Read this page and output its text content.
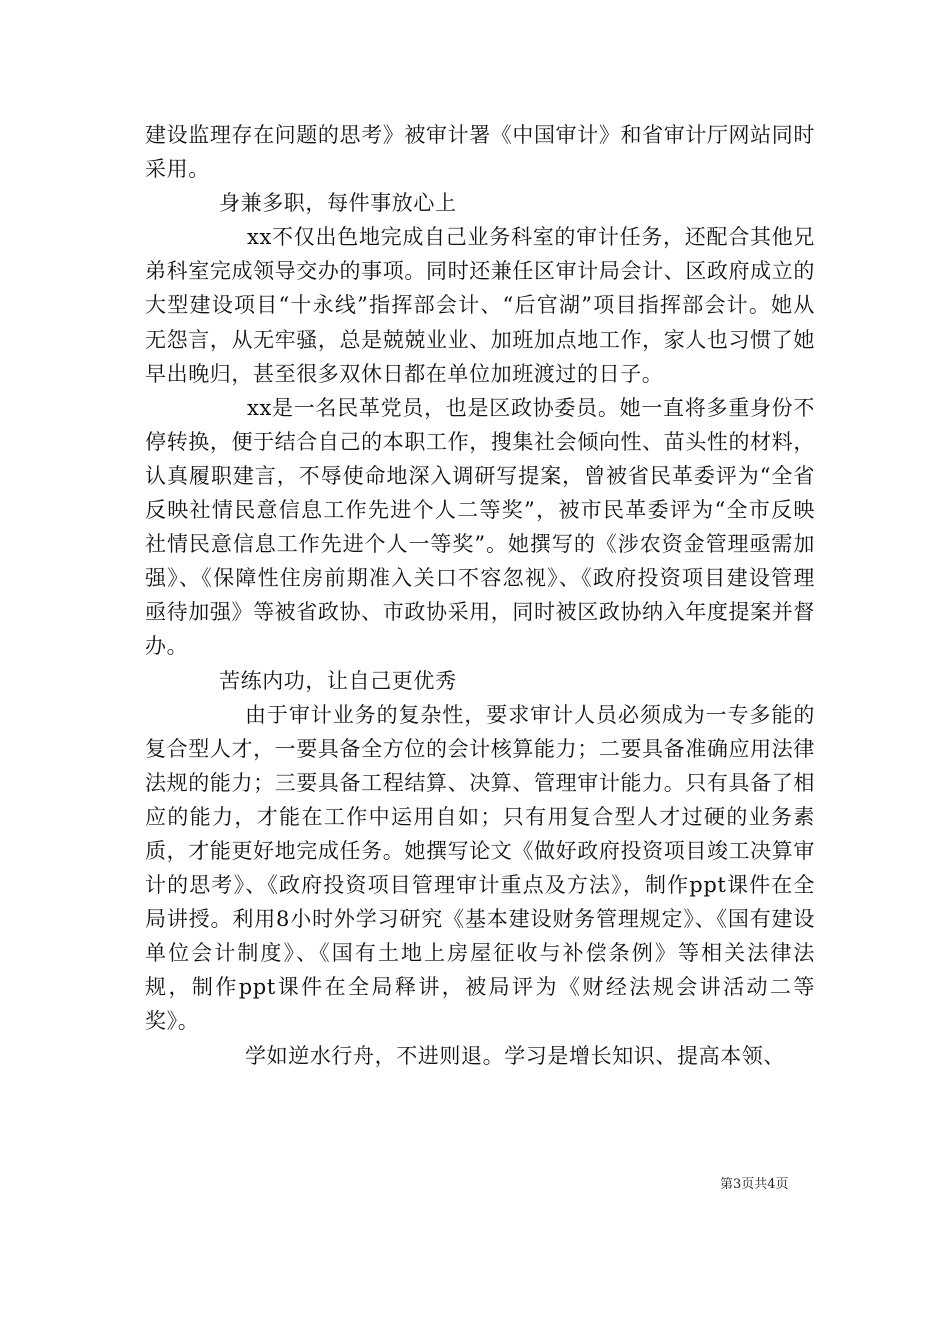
建设监理存在问题的思考》被审计署《中国审计》和省审计厅网站同时采用。

身兼多职，每件事放心上

xx不仅出色地完成自己业务科室的审计任务，还配合其他兄弟科室完成领导交办的事项。同时还兼任区审计局会计、区政府成立的大型建设项目“十永线”指挥部会计、“后官湖”项目指挥部会计。她从无怨言，从无牢骚，总是兢兢业业、加班加点地工作，家人也习惯了她早出晚归，甚至很多双休日都在单位加班渡过的日子。

xx是一名民革党员，也是区政协委员。她一直将多重身份不停转换，便于结合自己的本职工作，搜集社会倾向性、苗头性的材料，认真履职建言，不辱使命地深入调研写提案，曾被省民革委评为“全省反映社情民意信息工作先进个人二等奖”，被市民革委评为“全市反映社情民意信息工作先进个人一等奖”。她撰写的《涉农资金管理亟需加强》、《保障性住房前期准入关口不容忽视》、《政府投资项目建设管理亟待加强》等被省政协、市政协采用，同时被区政协纳入年度提案并督办。

苦练内功，让自己更优秀

由于审计业务的复杂性，要求审计人员必须成为一专多能的复合型人才，一要具备全方位的会计核算能力；二要具备准确应用法律法规的能力；三要具备工程结算、决算、管理审计能力。只有具备了相应的能力，才能在工作中运用自如；只有用复合型人才过硬的业务素质，才能更好地完成任务。她撰写论文《做好政府投资项目竣工决算审计的思考》、《政府投资项目管理审计重点及方法》，制作ppt课件在全局讲授。利用8小时外学习研究《基本建设财务管理规定》、《国有建设单位会计制度》、《国有土地上房屋征收与补偿条例》等相关法律法规，制作ppt课件在全局释讲，被局评为《财经法规会讲活动二等奖》。

学如逆水行舟，不进则退。学习是增长知识、提高本领、

第3页共4页
